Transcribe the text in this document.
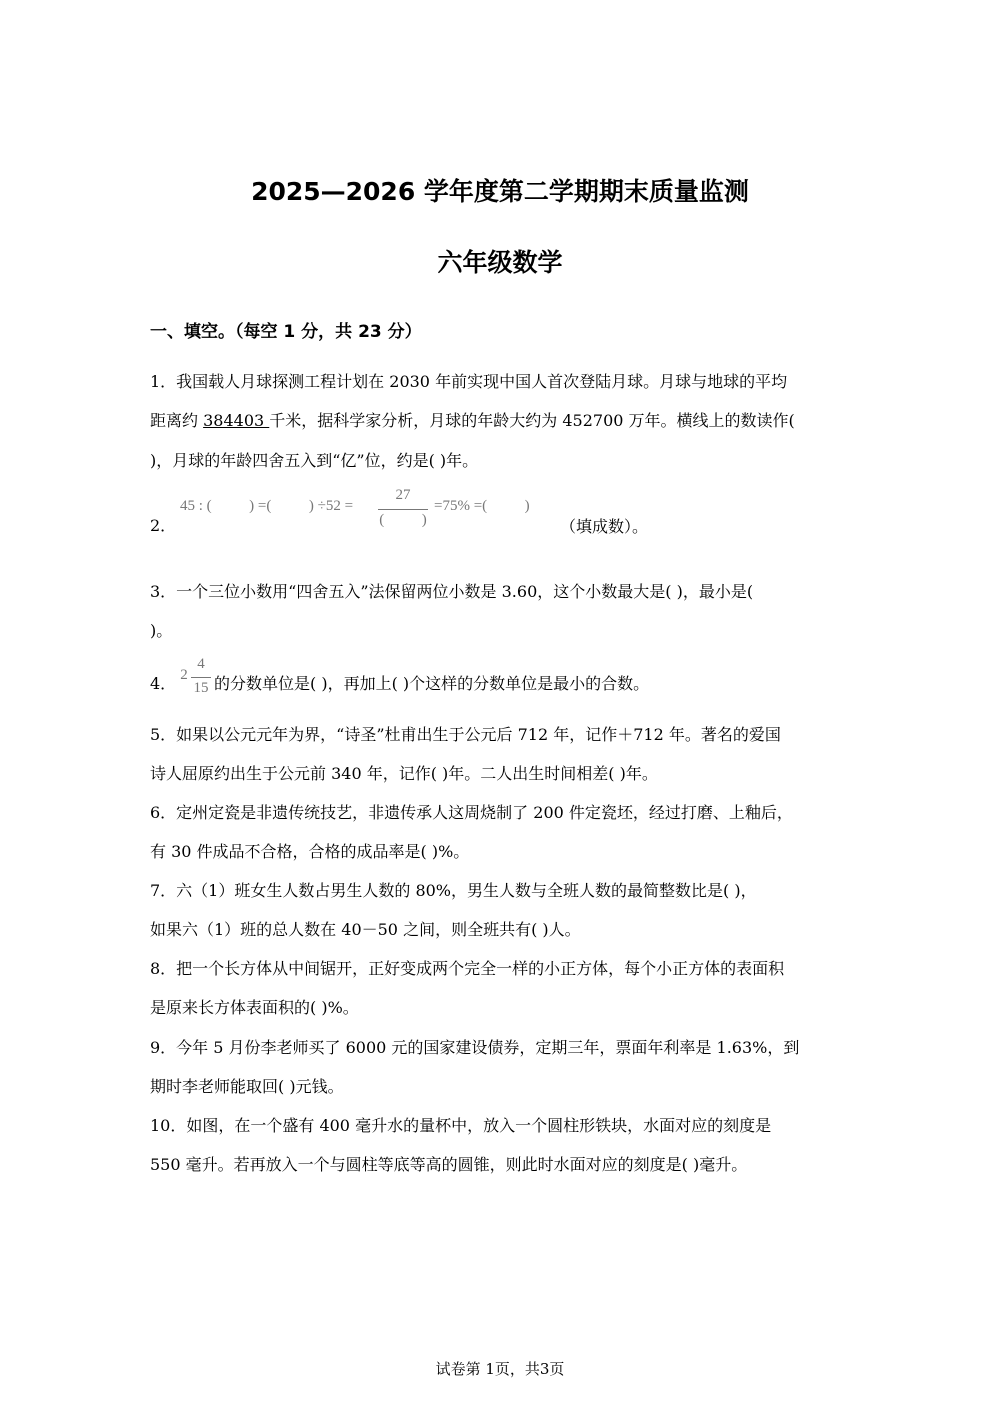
2025—2026 学年度第二学期期末质量监测
六年级数学
一、填空。（每空 1 分，共 23 分）
1．我国载人月球探测工程计划在 2030 年前实现中国人首次登陆月球。月球与地球的平均
距离约 384403 千米，据科学家分析，月球的年龄大约为 452700 万年。横线上的数读作(
)，月球的年龄四舍五入到“亿”位，约是( )年。
2．
45 : (          ) =(          ) ÷52 =
27
(          )
=75% =(          )
（填成数）。
3．一个三位小数用“四舍五入”法保留两位小数是 3.60，这个小数最大是( )，最小是(
)。
4． 2
4
15 的分数单位是( )，再加上( )个这样的分数单位是最小的合数。
5．如果以公元元年为界，“诗圣”杜甫出生于公元后 712 年，记作＋712 年。著名的爱国
诗人屈原约出生于公元前 340 年，记作( )年。二人出生时间相差( )年。
6．定州定瓷是非遗传统技艺，非遗传承人这周烧制了 200 件定瓷坯，经过打磨、上釉后，
有 30 件成品不合格，合格的成品率是( )%。
7．六（1）班女生人数占男生人数的 80%，男生人数与全班人数的最简整数比是( )，
如果六（1）班的总人数在 40－50 之间，则全班共有( )人。
8．把一个长方体从中间锯开，正好变成两个完全一样的小正方体，每个小正方体的表面积
是原来长方体表面积的( )%。
9．今年 5 月份李老师买了 6000 元的国家建设债券，定期三年，票面年利率是 1.63%，到
期时李老师能取回( )元钱。
10．如图，在一个盛有 400 毫升水的量杯中，放入一个圆柱形铁块，水面对应的刻度是
550 毫升。若再放入一个与圆柱等底等高的圆锥，则此时水面对应的刻度是( )毫升。
试卷第 1页，共3页
